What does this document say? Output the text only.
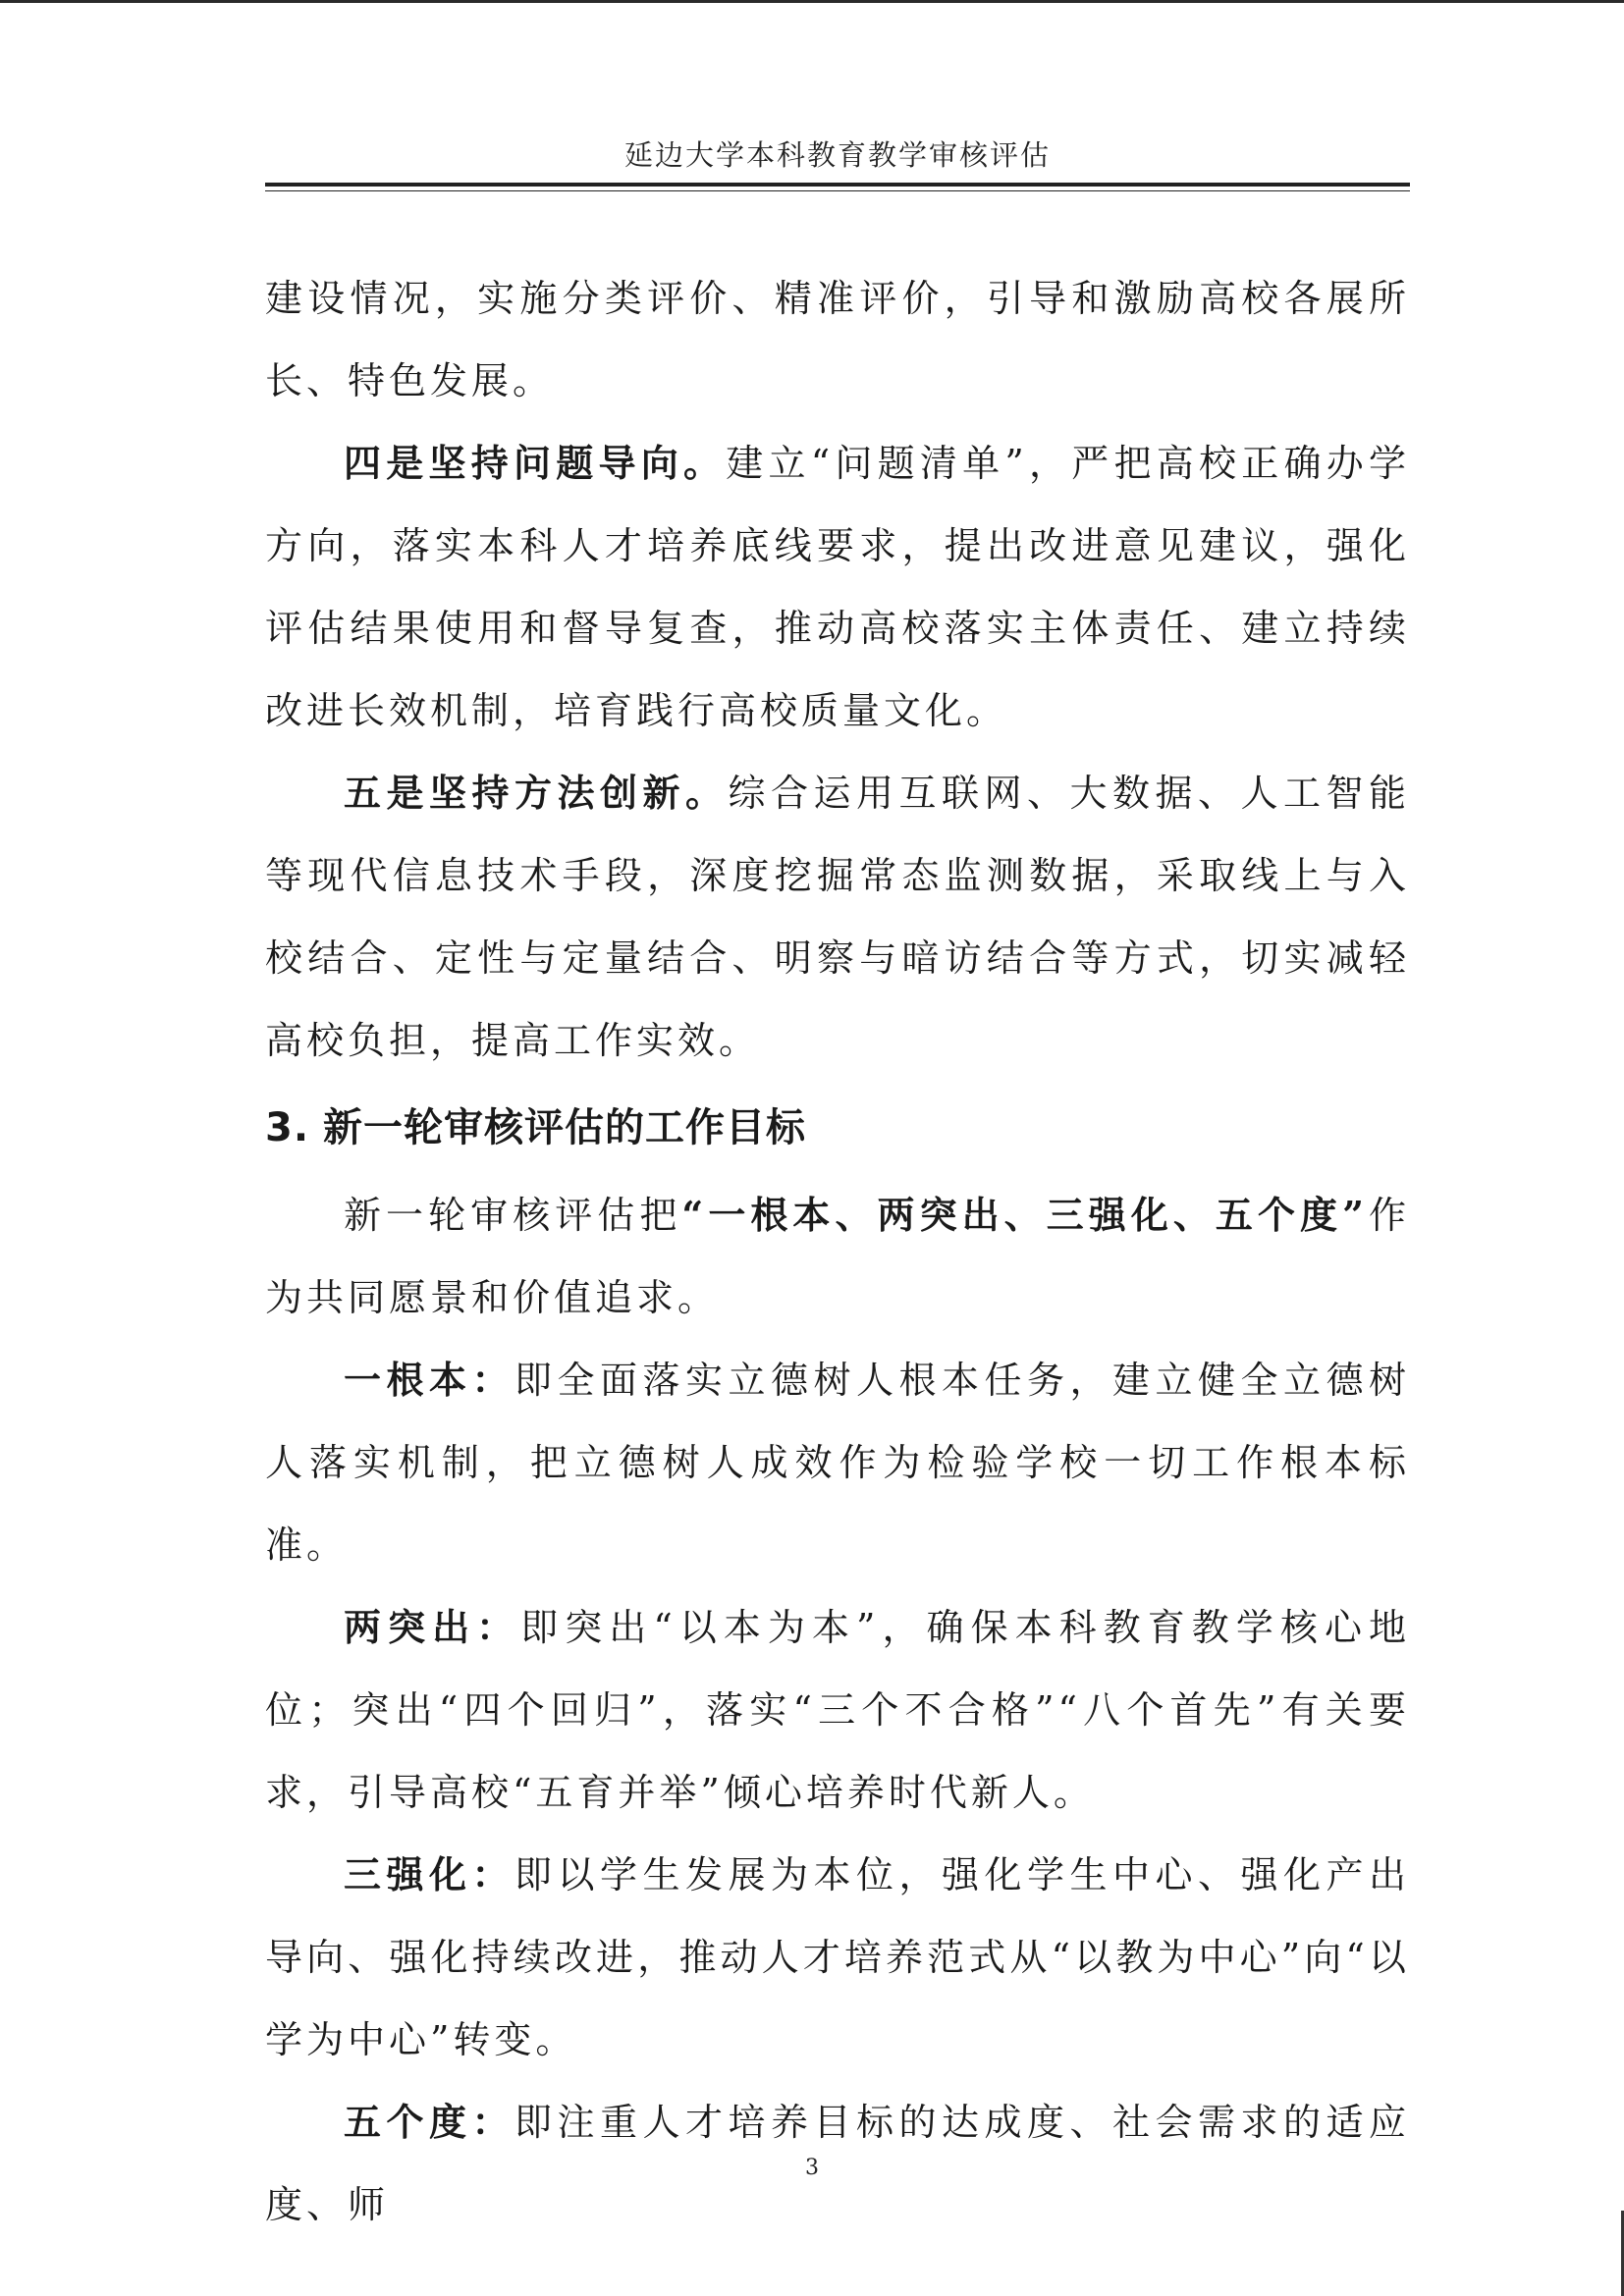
延边大学本科教育教学审核评估

建设情况，实施分类评价、精准评价，引导和激励高校各展所长、特色发展。

四是坚持问题导向。建立“问题清单”，严把高校正确办学方向，落实本科人才培养底线要求，提出改进意见建议，强化评估结果使用和督导复查，推动高校落实主体责任、建立持续改进长效机制，培育践行高校质量文化。

五是坚持方法创新。综合运用互联网、大数据、人工智能等现代信息技术手段，深度挖掘常态监测数据，采取线上与入校结合、定性与定量结合、明察与暗访结合等方式，切实减轻高校负担，提高工作实效。

3. 新一轮审核评估的工作目标

新一轮审核评估把“一根本、两突出、三强化、五个度”作为共同愿景和价值追求。

一根本：即全面落实立德树人根本任务，建立健全立德树人落实机制，把立德树人成效作为检验学校一切工作根本标准。

两突出：即突出“以本为本”，确保本科教育教学核心地位；突出“四个回归”，落实“三个不合格”“八个首先”有关要求，引导高校“五育并举”倾心培养时代新人。

三强化：即以学生发展为本位，强化学生中心、强化产出导向、强化持续改进，推动人才培养范式从“以教为中心”向“以学为中心”转变。

五个度：即注重人才培养目标的达成度、社会需求的适应度、师

3
